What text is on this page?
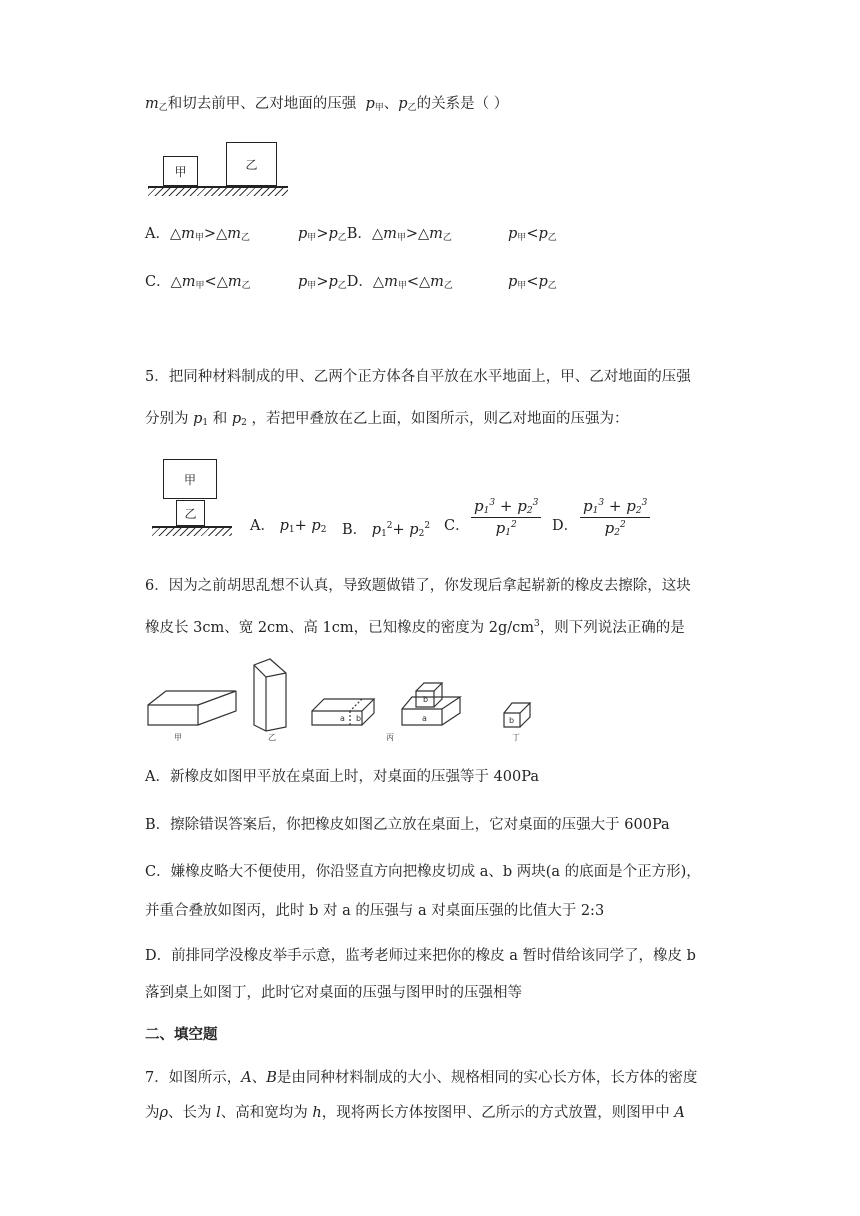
$m_乙$和切去前甲、乙对地面的压强 $p_甲$、$p_乙$的关系是（ ）
甲	乙
A．$\triangle m_甲>\triangle m_乙$	$p_甲>p_乙B$．$\triangle m_甲>\triangle m_乙$	$p_甲<p_乙$
C．$\triangle m_甲<\triangle m_乙$	$p_甲>p_乙D$．$\triangle m_甲<\triangle m_乙$	$p_甲<p_乙$
5．把同种材料制成的甲、乙两个正方体各自平放在水平地面上，甲、乙对地面的压强
分别为 $p_1$ 和 $p_2$ ，若把甲叠放在乙上面，如图所示，则乙对地面的压强为：
甲
乙
A． $p_1+ p_2$ B． $p_1^2+ p_2^2$ C． $\frac{p_1^3 + p_2^3}{p_1^2}$ D． $\frac{p_1^3 + p_2^3}{p_2^2}$
6．因为之前胡思乱想不认真，导致题做错了，你发现后拿起崭新的橡皮去擦除，这块
橡皮长 3cm、宽 2cm、高 1cm，已知橡皮的密度为 $2g/cm^3$，则下列说法正确的是
a b	a
b
b
甲	乙	丙	丁
A．新橡皮如图甲平放在桌面上时，对桌面的压强等于 400Pa
B．擦除错误答案后，你把橡皮如图乙立放在桌面上，它对桌面的压强大于 600Pa
C．嫌橡皮略大不便使用，你沿竖直方向把橡皮切成 a、b 两块(a 的底面是个正方形)，
并重合叠放如图丙，此时 b 对 a 的压强与 a 对桌面压强的比值大于 2:3
D．前排同学没橡皮举手示意，监考老师过来把你的橡皮 a 暂时借给该同学了，橡皮 b
落到桌上如图丁，此时它对桌面的压强与图甲时的压强相等
二、填空题
7．如图所示，A、B是由同种材料制成的大小、规格相同的实心长方体，长方体的密度
为ρ、长为 l、高和宽均为 h，现将两长方体按图甲、乙所示的方式放置，则图甲中 A
